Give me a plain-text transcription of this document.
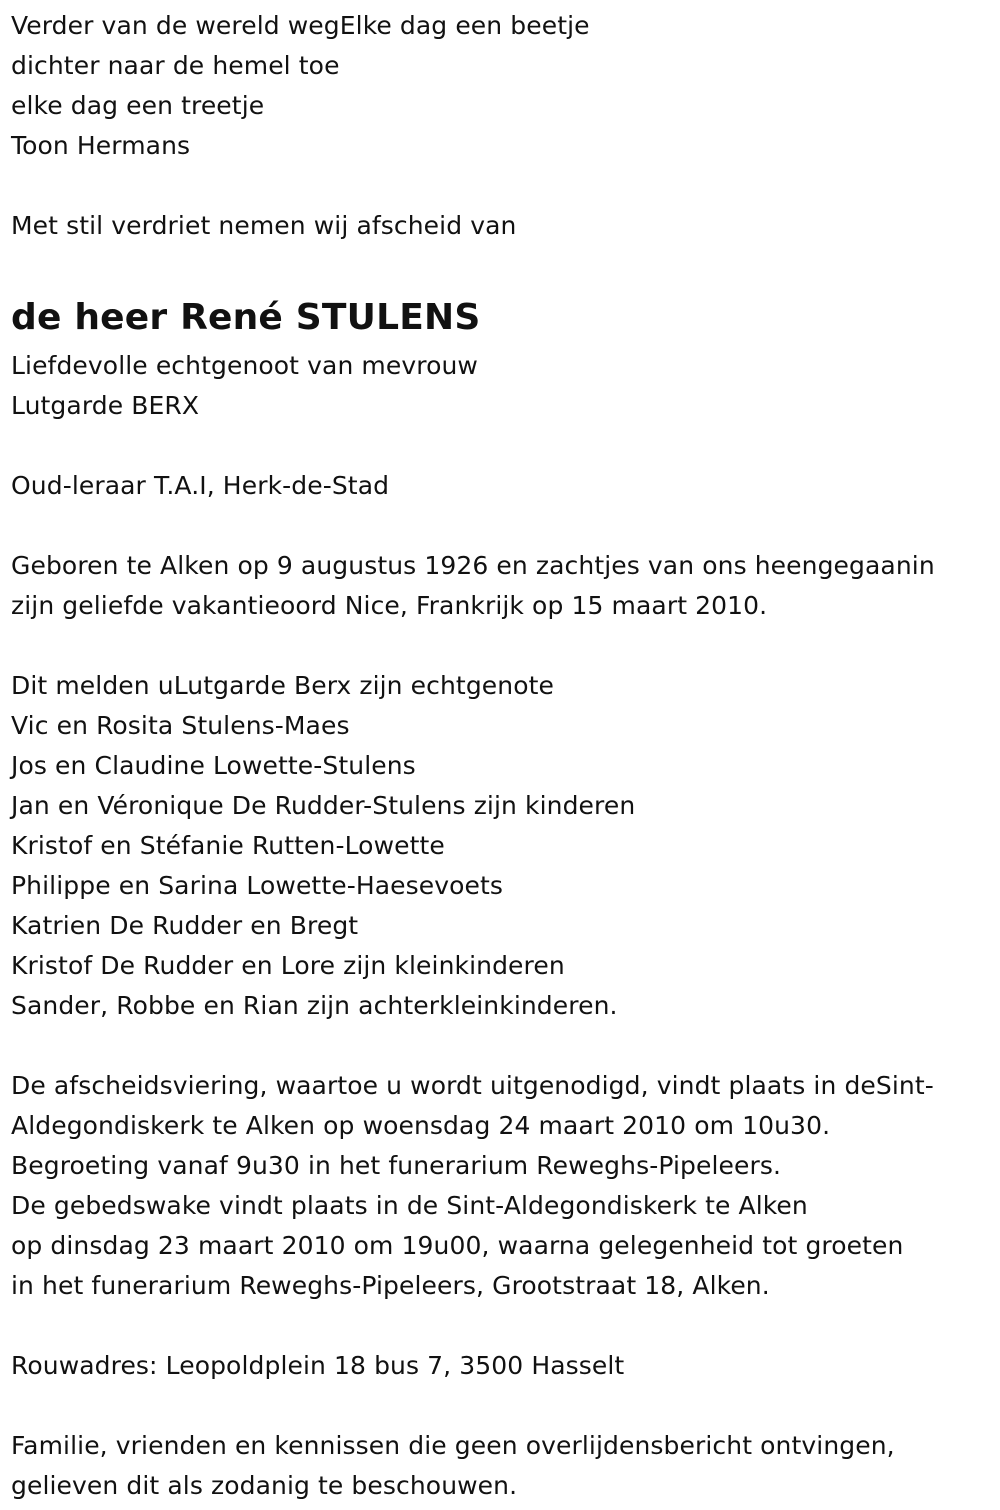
Verder van de wereld wegElke dag een beetje
dichter naar de hemel toe
elke dag een treetje
Toon Hermans
Met stil verdriet nemen wij afscheid van
de heer René STULENS
Liefdevolle echtgenoot van mevrouw
Lutgarde BERX
Oud-leraar T.A.I, Herk-de-Stad
Geboren te Alken op 9 augustus 1926 en zachtjes van ons heengegaanin
zijn geliefde vakantieoord Nice, Frankrijk op 15 maart 2010.
Dit melden uLutgarde Berx zijn echtgenote
Vic en Rosita Stulens-Maes
Jos en Claudine Lowette-Stulens
Jan en Véronique De Rudder-Stulens zijn kinderen
Kristof en Stéfanie Rutten-Lowette
Philippe en Sarina Lowette-Haesevoets
Katrien De Rudder en Bregt
Kristof De Rudder en Lore zijn kleinkinderen
Sander, Robbe en Rian zijn achterkleinkinderen.
De afscheidsviering, waartoe u wordt uitgenodigd, vindt plaats in deSint-
Aldegondiskerk te Alken op woensdag 24 maart 2010 om 10u30.
Begroeting vanaf 9u30 in het funerarium Reweghs-Pipeleers.
De gebedswake vindt plaats in de Sint-Aldegondiskerk te Alken
op dinsdag 23 maart 2010 om 19u00, waarna gelegenheid tot groeten
in het funerarium Reweghs-Pipeleers, Grootstraat 18, Alken.
Rouwadres: Leopoldplein 18 bus 7, 3500 Hasselt
Familie, vrienden en kennissen die geen overlijdensbericht ontvingen,
gelieven dit als zodanig te beschouwen.
